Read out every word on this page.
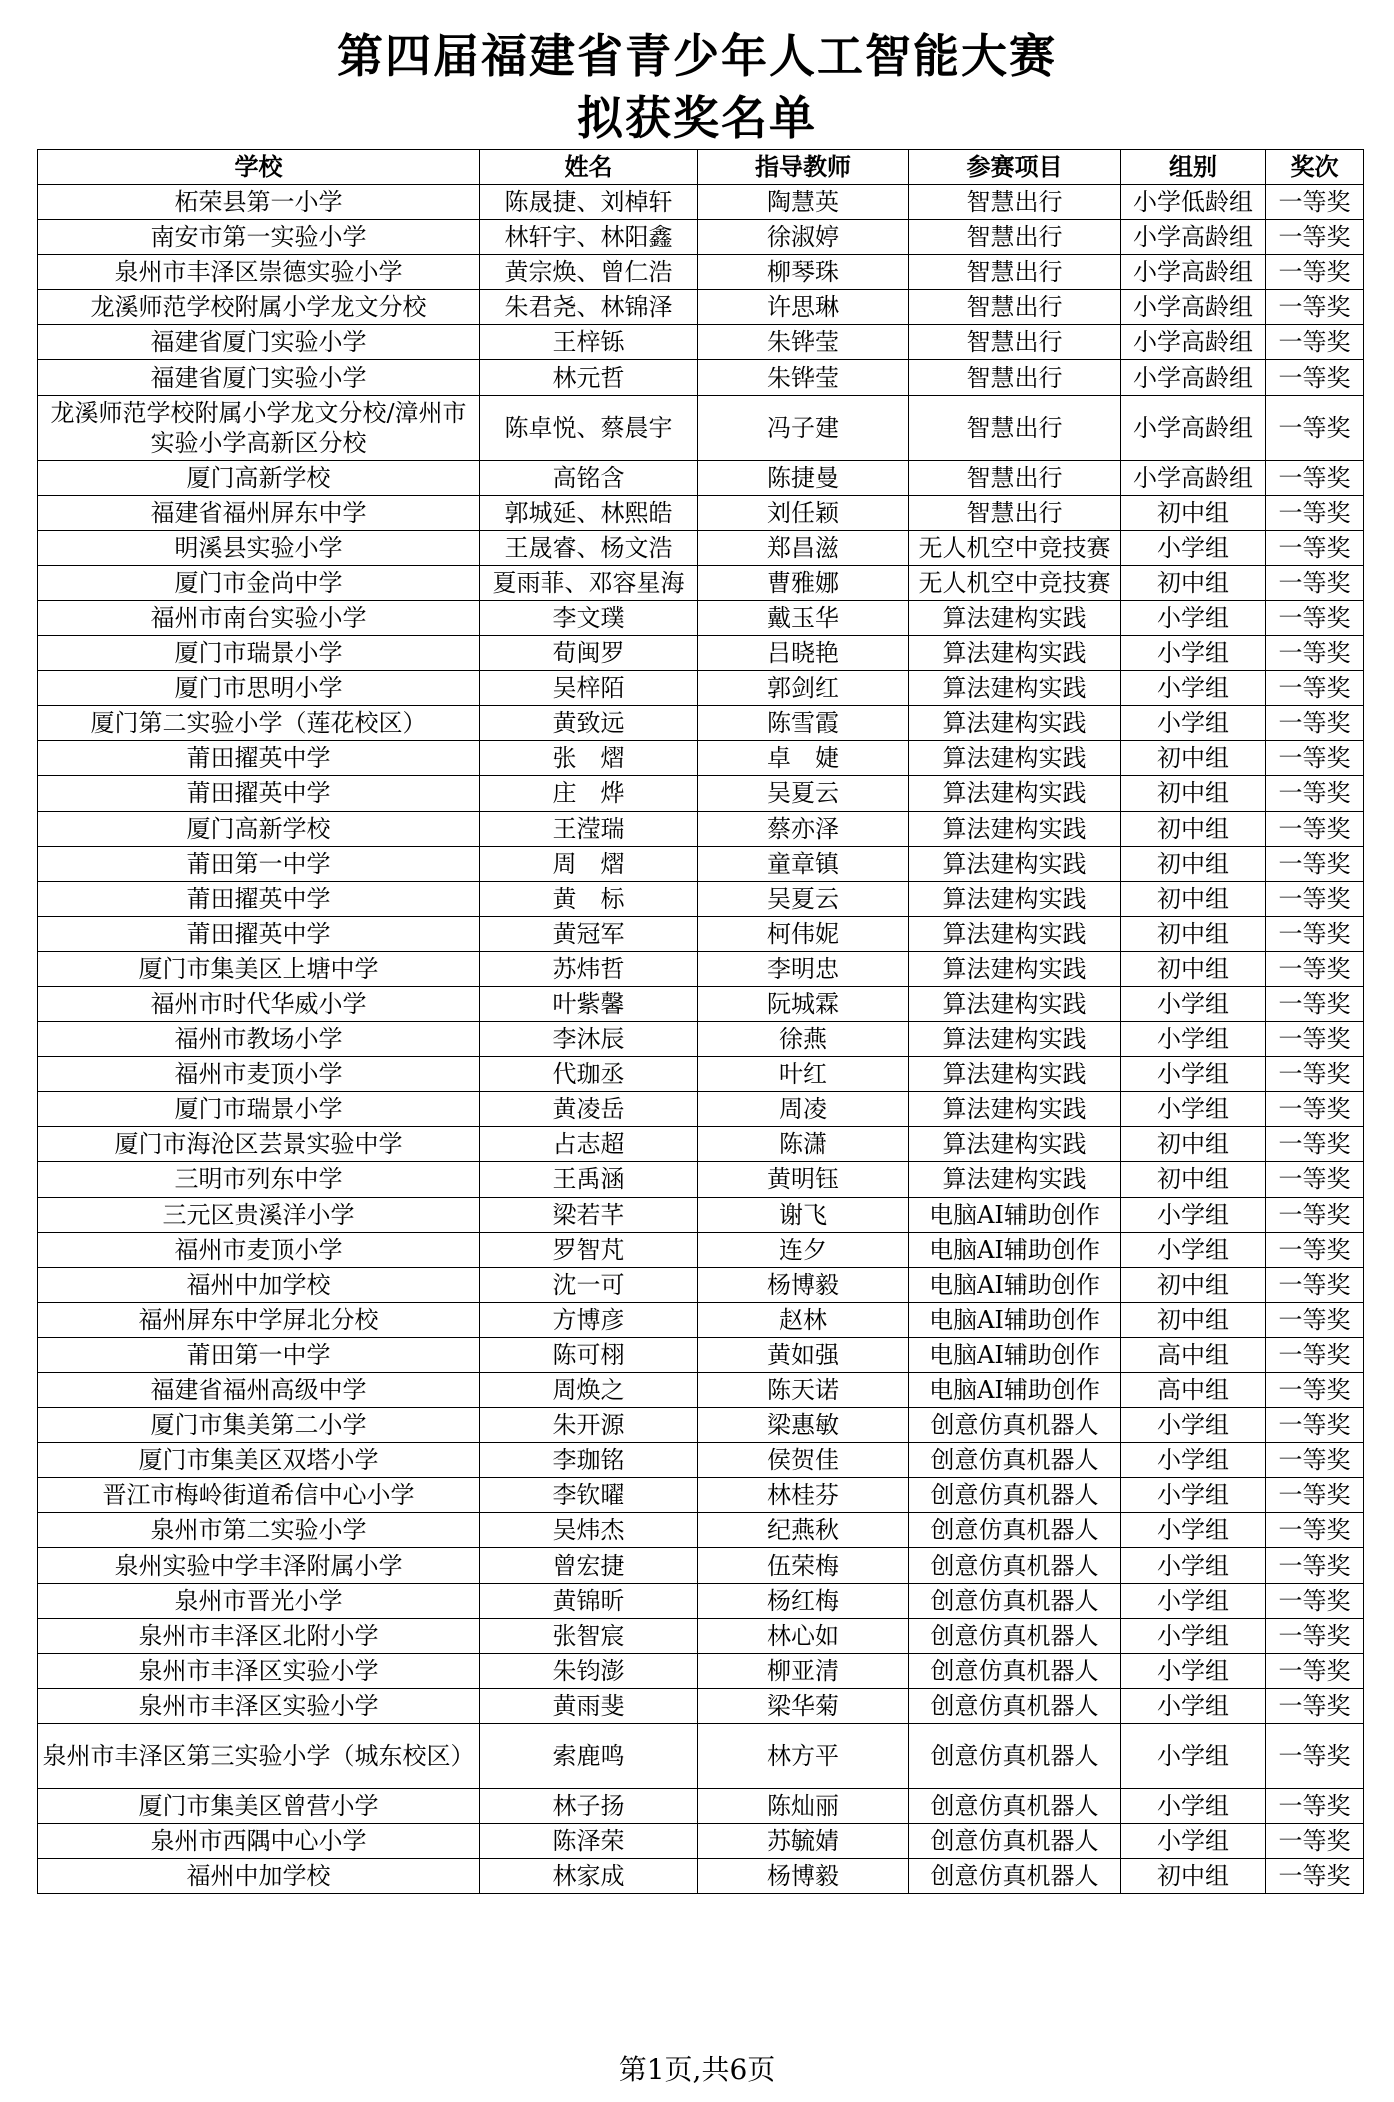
第四届福建省青少年人工智能大赛
拟获奖名单
学校	姓名	指导教师	参赛项目	组别	奖次
柘荣县第一小学	陈晟捷、刘棹轩	陶慧英	智慧出行	小学低龄组	一等奖
南安市第一实验小学	林轩宇、林阳鑫	徐淑婷	智慧出行	小学高龄组	一等奖
泉州市丰泽区崇德实验小学	黄宗焕、曾仁浩	柳琴珠	智慧出行	小学高龄组	一等奖
龙溪师范学校附属小学龙文分校	朱君尧、林锦泽	许思琳	智慧出行	小学高龄组	一等奖
福建省厦门实验小学	王梓铄	朱铧莹	智慧出行	小学高龄组	一等奖
福建省厦门实验小学	林元哲	朱铧莹	智慧出行	小学高龄组	一等奖
龙溪师范学校附属小学龙文分校/漳州市实验小学高新区分校	陈卓悦、蔡晨宇	冯子建	智慧出行	小学高龄组	一等奖
厦门高新学校	高铭含	陈捷曼	智慧出行	小学高龄组	一等奖
福建省福州屏东中学	郭城延、林熙皓	刘任颖	智慧出行	初中组	一等奖
明溪县实验小学	王晟睿、杨文浩	郑昌滋	无人机空中竞技赛	小学组	一等奖
厦门市金尚中学	夏雨菲、邓容星海	曹雅娜	无人机空中竞技赛	初中组	一等奖
福州市南台实验小学	李文璞	戴玉华	算法建构实践	小学组	一等奖
厦门市瑞景小学	荀闽罗	吕晓艳	算法建构实践	小学组	一等奖
厦门市思明小学	吴梓陌	郭剑红	算法建构实践	小学组	一等奖
厦门第二实验小学（莲花校区）	黄致远	陈雪霞	算法建构实践	小学组	一等奖
莆田擢英中学	张　熠	卓　婕	算法建构实践	初中组	一等奖
莆田擢英中学	庄　烨	吴夏云	算法建构实践	初中组	一等奖
厦门高新学校	王滢瑞	蔡亦泽	算法建构实践	初中组	一等奖
莆田第一中学	周　熠	童章镇	算法建构实践	初中组	一等奖
莆田擢英中学	黄　标	吴夏云	算法建构实践	初中组	一等奖
莆田擢英中学	黄冠军	柯伟妮	算法建构实践	初中组	一等奖
厦门市集美区上塘中学	苏炜哲	李明忠	算法建构实践	初中组	一等奖
福州市时代华威小学	叶紫馨	阮城霖	算法建构实践	小学组	一等奖
福州市教场小学	李沐辰	徐燕	算法建构实践	小学组	一等奖
福州市麦顶小学	代珈丞	叶红	算法建构实践	小学组	一等奖
厦门市瑞景小学	黄凌岳	周凌	算法建构实践	小学组	一等奖
厦门市海沧区芸景实验中学	占志超	陈潇	算法建构实践	初中组	一等奖
三明市列东中学	王禹涵	黄明钰	算法建构实践	初中组	一等奖
三元区贵溪洋小学	梁若芊	谢飞	电脑AI辅助创作	小学组	一等奖
福州市麦顶小学	罗智芃	连夕	电脑AI辅助创作	小学组	一等奖
福州中加学校	沈一可	杨博毅	电脑AI辅助创作	初中组	一等奖
福州屏东中学屏北分校	方博彦	赵林	电脑AI辅助创作	初中组	一等奖
莆田第一中学	陈可栩	黄如强	电脑AI辅助创作	高中组	一等奖
福建省福州高级中学	周焕之	陈天诺	电脑AI辅助创作	高中组	一等奖
厦门市集美第二小学	朱开源	梁惠敏	创意仿真机器人	小学组	一等奖
厦门市集美区双塔小学	李珈铭	侯贺佳	创意仿真机器人	小学组	一等奖
晋江市梅岭街道希信中心小学	李钦曜	林桂芬	创意仿真机器人	小学组	一等奖
泉州市第二实验小学	吴炜杰	纪燕秋	创意仿真机器人	小学组	一等奖
泉州实验中学丰泽附属小学	曾宏捷	伍荣梅	创意仿真机器人	小学组	一等奖
泉州市晋光小学	黄锦昕	杨红梅	创意仿真机器人	小学组	一等奖
泉州市丰泽区北附小学	张智宸	林心如	创意仿真机器人	小学组	一等奖
泉州市丰泽区实验小学	朱钧澎	柳亚清	创意仿真机器人	小学组	一等奖
泉州市丰泽区实验小学	黄雨斐	梁华菊	创意仿真机器人	小学组	一等奖
泉州市丰泽区第三实验小学（城东校区）	索鹿鸣	林方平	创意仿真机器人	小学组	一等奖
厦门市集美区曾营小学	林子扬	陈灿丽	创意仿真机器人	小学组	一等奖
泉州市西隅中心小学	陈泽荣	苏毓婧	创意仿真机器人	小学组	一等奖
福州中加学校	林家成	杨博毅	创意仿真机器人	初中组	一等奖
第1页,共6页
